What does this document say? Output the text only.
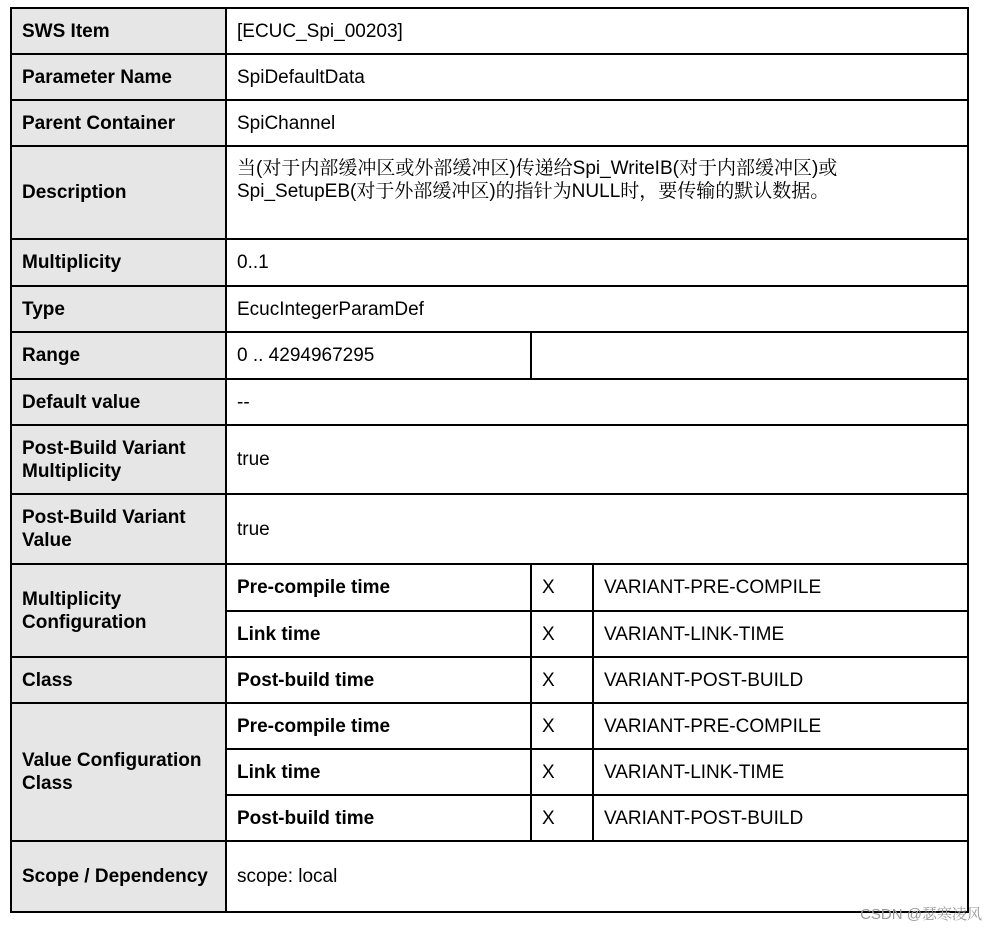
SWS Item	[ECUC_Spi_00203]		
Parameter Name	SpiDefaultData		
Parent Container	SpiChannel		
Description	当(对于内部缓冲区或外部缓冲区)传递给Spi_WriteIB(对于内部缓冲区)或Spi_SetupEB(对于外部缓冲区)的指针为NULL时，要传输的默认数据。		
Multiplicity	0..1		
Type	EcucIntegerParamDef		
Range	0 .. 4294967295		
Default value	--		
Post-Build Variant Multiplicity	true		
Post-Build Variant Value	true		
Multiplicity Configuration	Pre-compile time	X	VARIANT-PRE-COMPILE
	Link time	X	VARIANT-LINK-TIME
Class	Post-build time	X	VARIANT-POST-BUILD
Value Configuration Class	Pre-compile time	X	VARIANT-PRE-COMPILE
	Link time	X	VARIANT-LINK-TIME
	Post-build time	X	VARIANT-POST-BUILD
Scope / Dependency	scope: local		
CSDN @瑟寒凌风
